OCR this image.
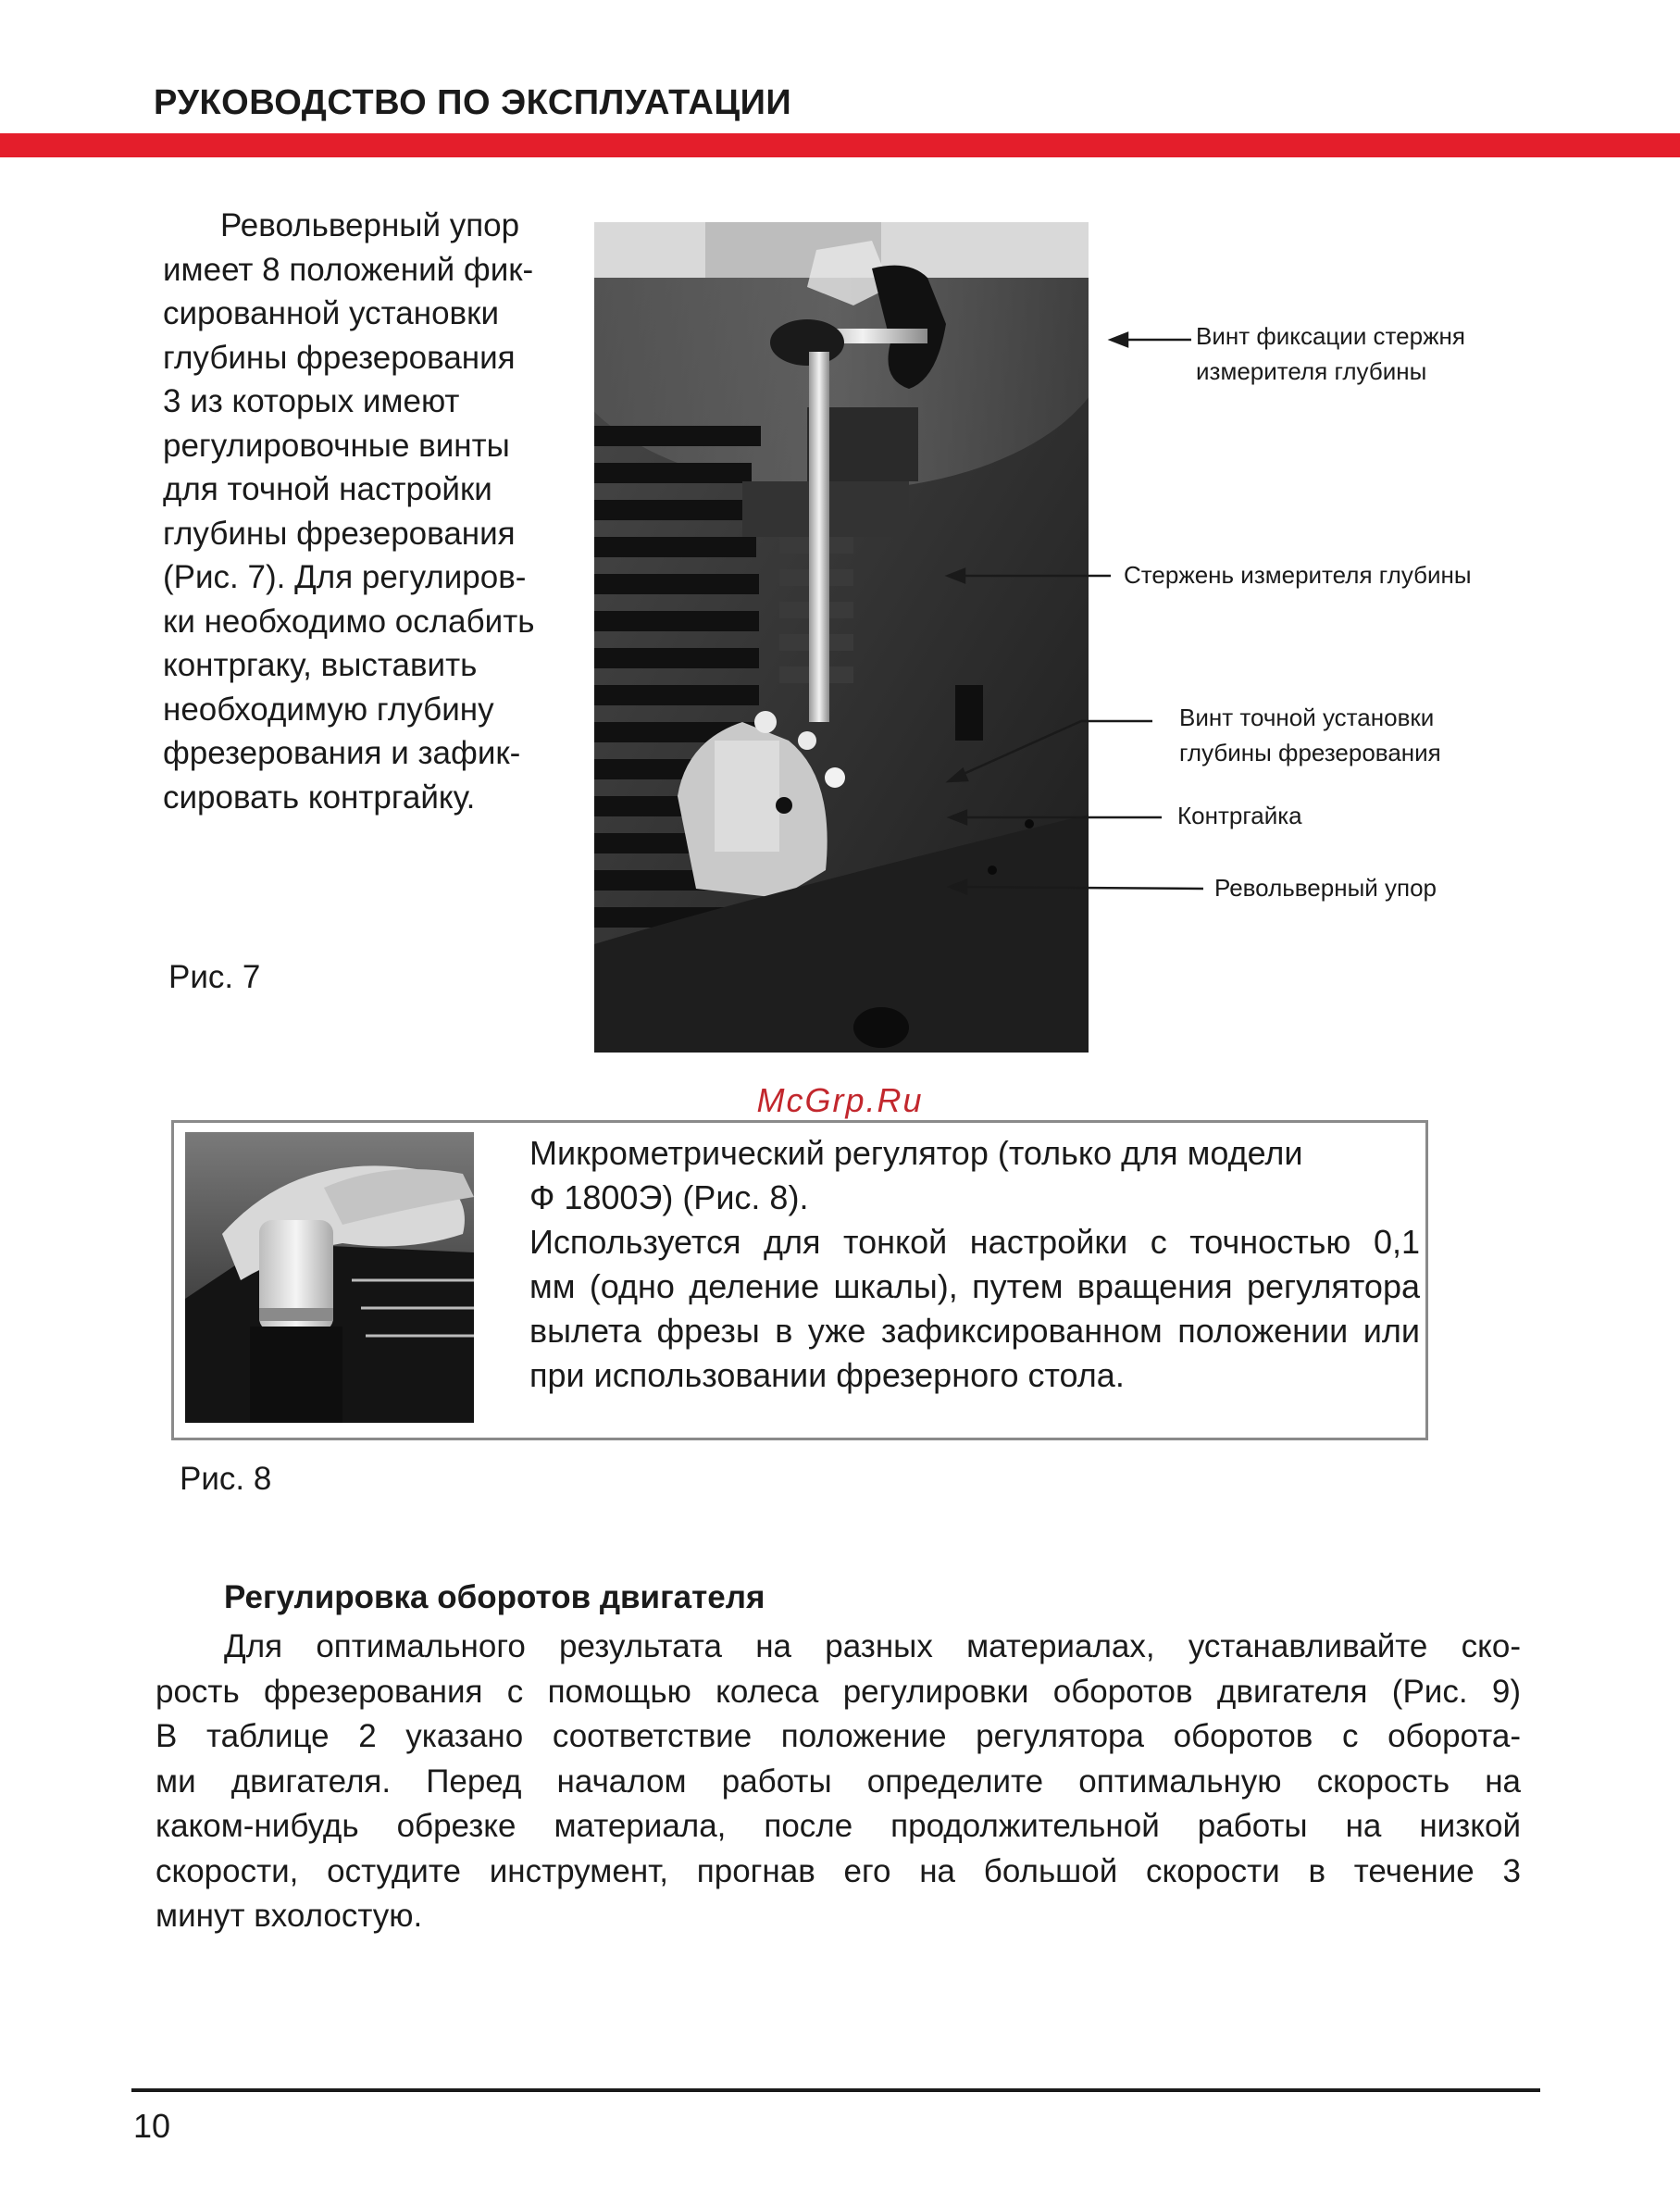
РУКОВОДСТВО ПО ЭКСПЛУАТАЦИИ
Револьверный упор
имеет 8 положений фик-
сированной установки
глубины фрезерования
3 из которых имеют
регулировочные винты
для точной настройки
глубины фрезерования
(Рис. 7). Для регулиров-
ки необходимо ослабить
контргаку, выставить
необходимую глубину
фрезерования и зафик-
сировать контргайку.
Рис. 7
Винт фиксации стержня
измерителя глубины
Стержень измерителя глубины
Винт точной установки
глубины фрезерования
Контргайка
Револьверный упор
McGrp.Ru
Микрометрический регулятор (только для модели
Ф 1800Э) (Рис. 8).
Используется для тонкой настройки с точностью 0,1
мм (одно деление шкалы), путем вращения регулятора
вылета фрезы в уже зафиксированном положении или
при использовании фрезерного стола.
Рис. 8
Регулировка оборотов двигателя
Для оптимального результата на разных материалах, устанавливайте ско-
рость фрезерования с помощью колеса регулировки оборотов двигателя (Рис. 9)
В таблице 2 указано соответствие положение регулятора оборотов с оборота-
ми двигателя. Перед началом работы определите оптимальную скорость на
каком-нибудь обрезке материала, после продолжительной работы на низкой
скорости, остудите инструмент, прогнав его на большой скорости в течение 3
минут вхолостую.
10
